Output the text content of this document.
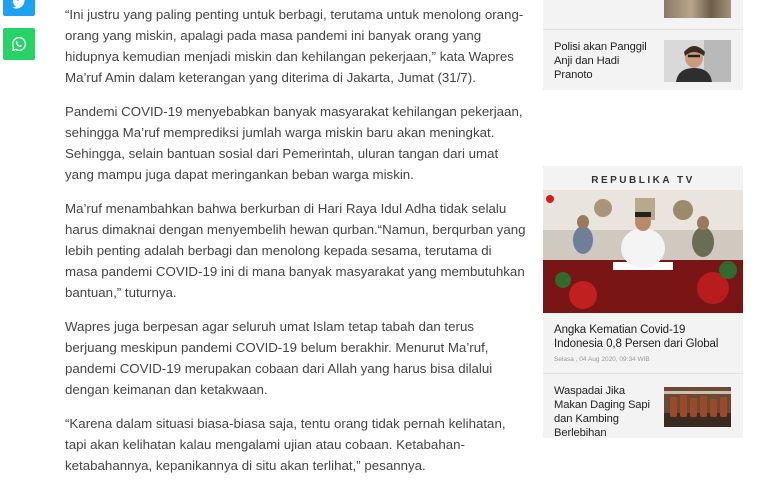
“Ini justru yang paling penting untuk berbagi, terutama untuk menolong orang-orang yang miskin, apalagi pada masa pandemi ini banyak orang yang hidupnya kemudian menjadi miskin dan kehilangan pekerjaan,” kata Wapres Ma’ruf Amin dalam keterangan yang diterima di Jakarta, Jumat (31/7).

Pandemi COVID-19 menyebabkan banyak masyarakat kehilangan pekerjaan, sehingga Ma’ruf memprediksi jumlah warga miskin baru akan meningkat. Sehingga, selain bantuan sosial dari Pemerintah, uluran tangan dari umat yang mampu juga dapat meringankan beban warga miskin.

Ma’ruf menambahkan bahwa berkurban di Hari Raya Idul Adha tidak selalu harus dimaknai dengan menyembelih hewan qurban.“Namun, berqurban yang lebih penting adalah berbagi dan menolong kepada sesama, terutama di masa pandemi COVID-19 ini di mana banyak masyarakat yang membutuhkan bantuan,” tuturnya.

Wapres juga berpesan agar seluruh umat Islam tetap tabah dan terus berjuang meskipun pandemi COVID-19 belum berakhir. Menurut Ma’ruf, pandemi COVID-19 merupakan cobaan dari Allah yang harus bisa dilalui dengan keimanan dan ketakwaan.

“Karena dalam situasi biasa-biasa saja, tentu orang tidak pernah kelihatan, tapi akan kelihatan kalau mengalami ujian atau cobaan. Ketabahan-ketabahannya, kepanikannya di situ akan terlihat,” pesannya.

Polisi akan Panggil Anji dan Hadi Pranoto
REPUBLIKA TV
Angka Kematian Covid-19 Indonesia 0,8 Persen dari Global
Selasa , 04 Aug 2020, 09:34 WIB
Waspadai Jika Makan Daging Sapi dan Kambing Berlebihan
